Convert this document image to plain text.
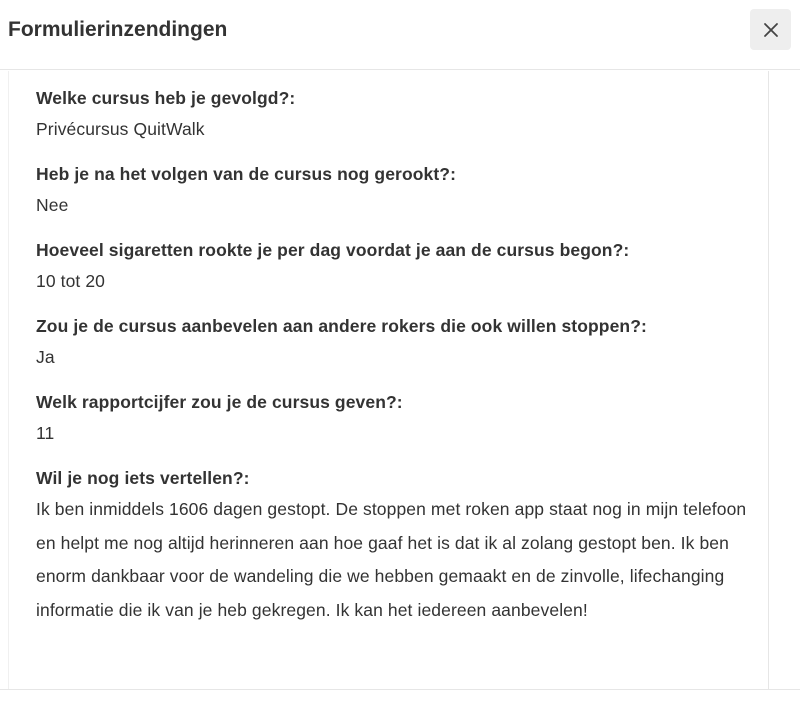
Formulierinzendingen

Welke cursus heb je gevolgd?:

Privécursus QuitWalk

Heb je na het volgen van de cursus nog gerookt?:

Nee

Hoeveel sigaretten rookte je per dag voordat je aan de cursus begon?:

10 tot 20

Zou je de cursus aanbevelen aan andere rokers die ook willen stoppen?:

Ja

Welk rapportcijfer zou je de cursus geven?:

11

Wil je nog iets vertellen?:

Ik ben inmiddels 1606 dagen gestopt. De stoppen met roken app staat nog in mijn telefoon en helpt me nog altijd herinneren aan hoe gaaf het is dat ik al zolang gestopt ben. Ik ben enorm dankbaar voor de wandeling die we hebben gemaakt en de zinvolle, lifechanging informatie die ik van je heb gekregen. Ik kan het iedereen aanbevelen!
